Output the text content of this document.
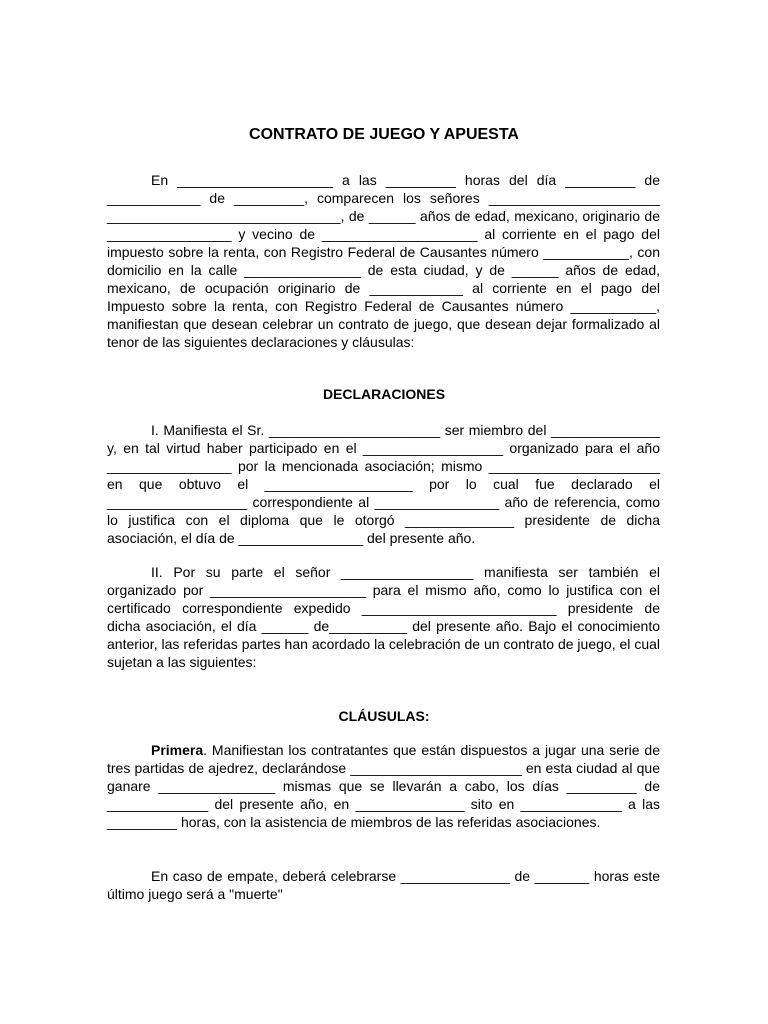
CONTRATO DE JUEGO Y APUESTA

En ____________________ a las _________ horas del día _________ de ____________ de _________, comparecen los señores ______________________ ______________________________, de ______ años de edad, mexicano, originario de ________________ y vecino de ____________________ al corriente en el pago del impuesto sobre la renta, con Registro Federal de Causantes número ___________, con domicilio en la calle _______________ de esta ciudad, y de ______ años de edad, mexicano, de ocupación originario de ____________ al corriente en el pago del Impuesto sobre la renta, con Registro Federal de Causantes número ___________, manifiestan que desean celebrar un contrato de juego, que desean dejar formalizado al tenor de las siguientes declaraciones y cláusulas:

DECLARACIONES

I. Manifiesta el Sr. ______________________ ser miembro del ______________ y, en tal virtud haber participado en el __________________ organizado para el año ________________ por la mencionada asociación; mismo ______________________ en que obtuvo el ___________________ por lo cual fue declarado el __________________ correspondiente al ________________ año de referencia, como lo justifica con el diploma que le otorgó ______________ presidente de dicha asociación, el día de ________________ del presente año.

II. Por su parte el señor _________________ manifiesta ser también el organizado por ____________________ para el mismo año, como lo justifica con el certificado correspondiente expedido _________________________ presidente de dicha asociación, el día ______ de__________ del presente año. Bajo el conocimiento anterior, las referidas partes han acordado la celebración de un contrato de juego, el cual sujetan a las siguientes:

CLÁUSULAS:

Primera. Manifiestan los contratantes que están dispuestos a jugar una serie de tres partidas de ajedrez, declarándose ______________________ en esta ciudad al que ganare _______________ mismas que se llevarán a cabo, los días _________ de _____________ del presente año, en ______________ sito en _____________ a las _________ horas, con la asistencia de miembros de las referidas asociaciones.

En caso de empate, deberá celebrarse ______________ de _______ horas este último juego será a "muerte"
